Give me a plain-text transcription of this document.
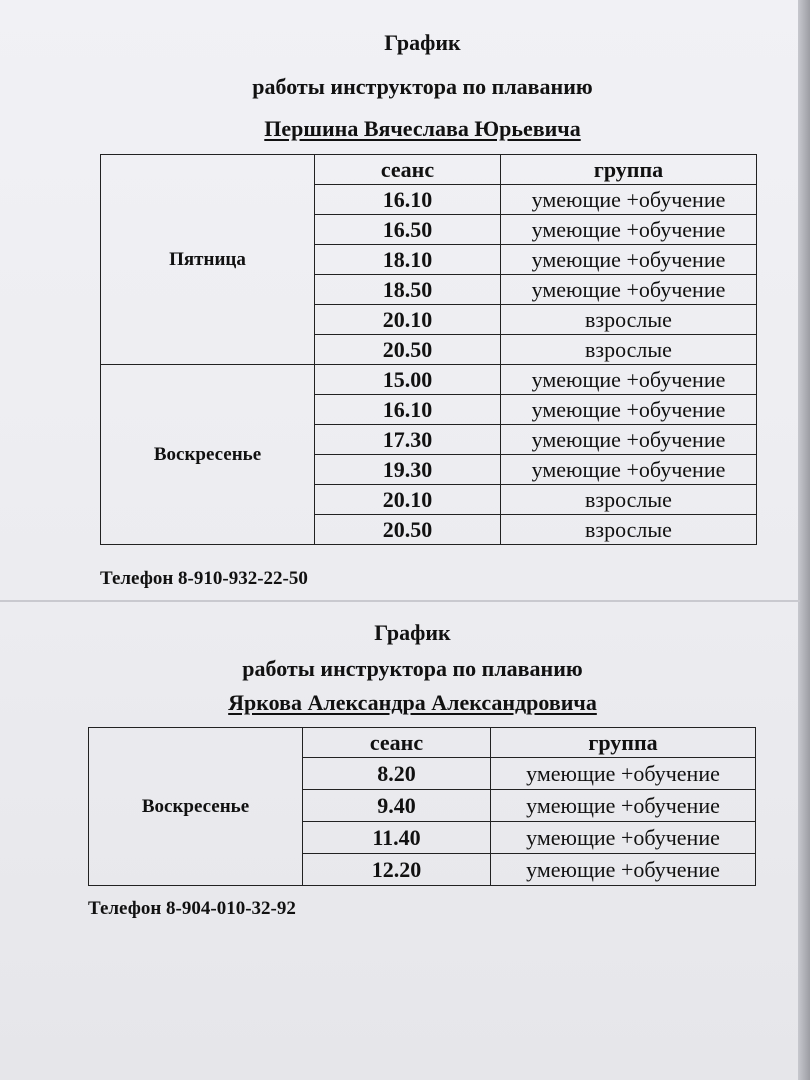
График
работы инструктора по плаванию
Першина Вячеслава Юрьевича
Пятница	сеанс	группа
	16.10	умеющие +обучение
	16.50	умеющие +обучение
	18.10	умеющие +обучение
	18.50	умеющие +обучение
	20.10	взрослые
	20.50	взрослые
Воскресенье	15.00	умеющие +обучение
	16.10	умеющие +обучение
	17.30	умеющие +обучение
	19.30	умеющие +обучение
	20.10	взрослые
	20.50	взрослые
Телефон 8-910-932-22-50
График
работы инструктора по плаванию
Яркова Александра Александровича
Воскресенье	сеанс	группа
	8.20	умеющие +обучение
	9.40	умеющие +обучение
	11.40	умеющие +обучение
	12.20	умеющие +обучение
Телефон 8-904-010-32-92
